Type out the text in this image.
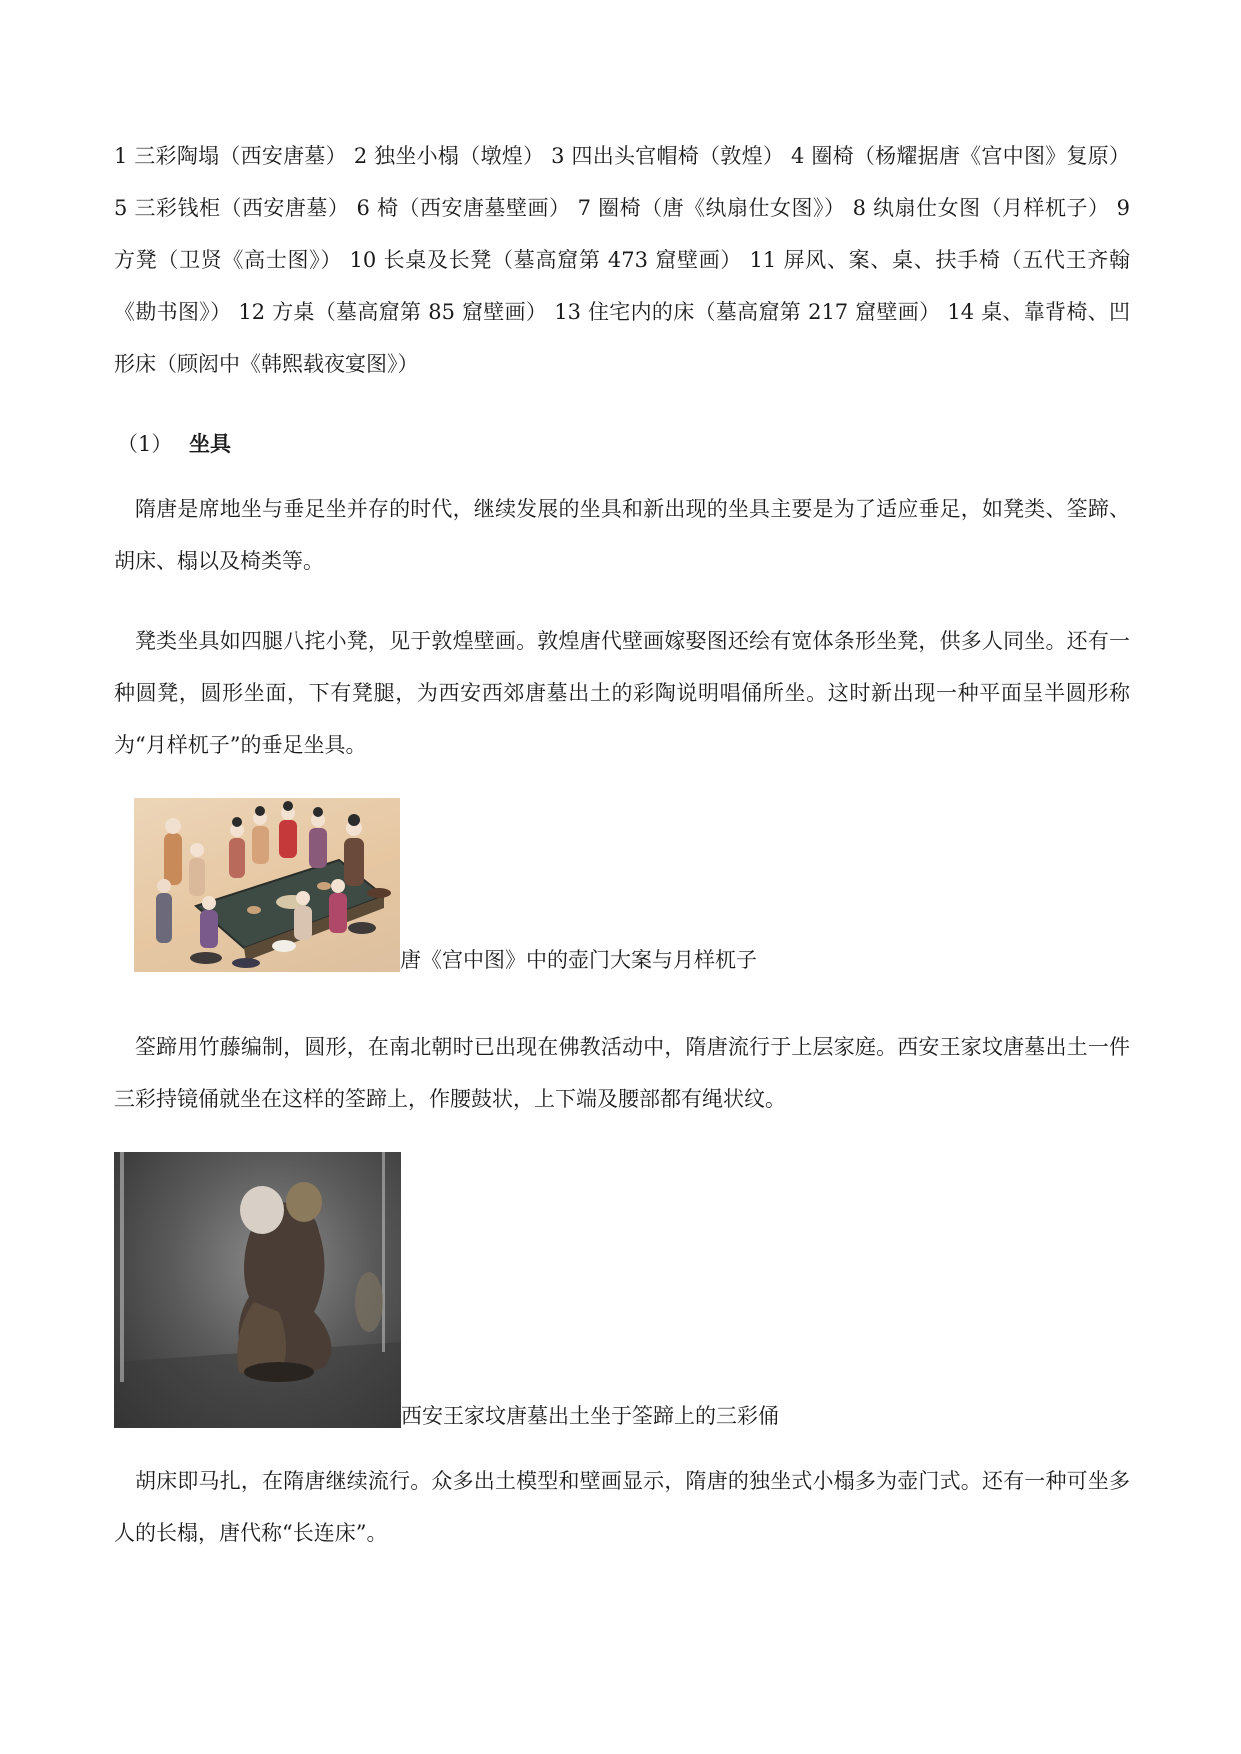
1 三彩陶塌（西安唐墓） 2 独坐小榻（墩煌） 3 四出头官帽椅（敦煌） 4 圈椅（杨耀据唐《宫中图》复原） 5 三彩钱柜（西安唐墓） 6 椅（西安唐墓壁画） 7 圈椅（唐《纨扇仕女图》） 8 纨扇仕女图（月样杌子） 9 方凳（卫贤《高士图》） 10 长桌及长凳（墓高窟第 473 窟壁画） 11 屏风、案、桌、扶手椅（五代王齐翰《勘书图》） 12 方桌（墓高窟第 85 窟壁画） 13 住宅内的床（墓高窟第 217 窟壁画） 14 桌、靠背椅、凹形床（顾闳中《韩熙载夜宴图》）

（1） 坐具

隋唐是席地坐与垂足坐并存的时代，继续发展的坐具和新出现的坐具主要是为了适应垂足，如凳类、筌蹄、胡床、榻以及椅类等。

凳类坐具如四腿八挓小凳，见于敦煌壁画。敦煌唐代壁画嫁娶图还绘有宽体条形坐凳，供多人同坐。还有一种圆凳，圆形坐面，下有凳腿，为西安西郊唐墓出土的彩陶说明唱俑所坐。这时新出现一种平面呈半圆形称为“月样杌子”的垂足坐具。

唐《宫中图》中的壶门大案与月样杌子

筌蹄用竹藤编制，圆形，在南北朝时已出现在佛教活动中，隋唐流行于上层家庭。西安王家坟唐墓出土一件三彩持镜俑就坐在这样的筌蹄上，作腰鼓状，上下端及腰部都有绳状纹。

西安王家坟唐墓出土坐于筌蹄上的三彩俑

胡床即马扎，在隋唐继续流行。众多出土模型和壁画显示，隋唐的独坐式小榻多为壶门式。还有一种可坐多人的长榻，唐代称“长连床”。
